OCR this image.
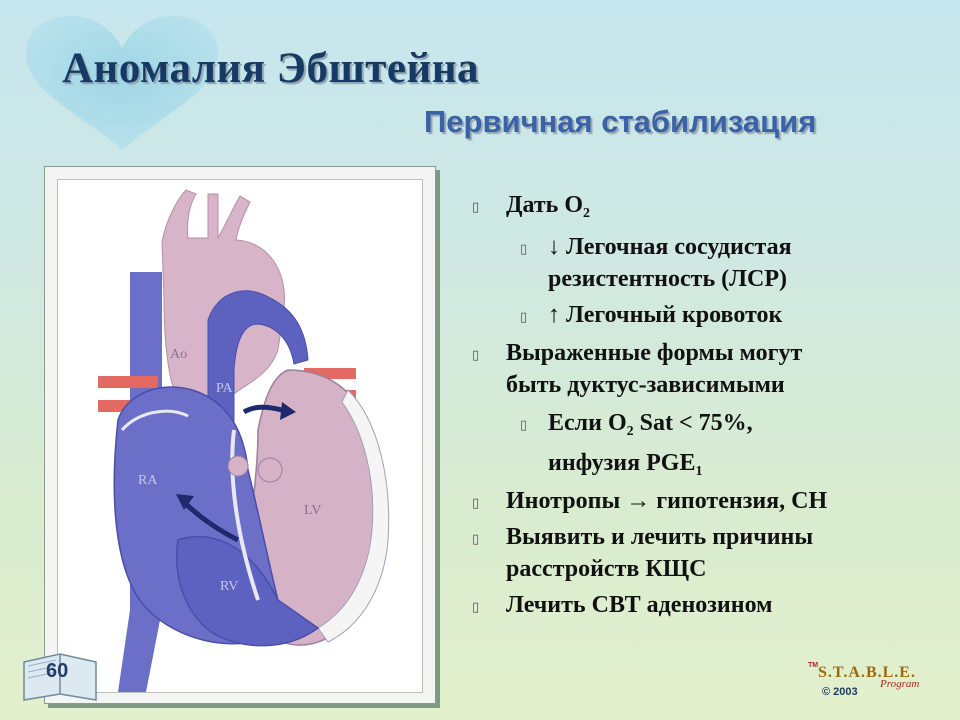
Аномалия Эбштейна
Первичная стабилизация
Ao
PA
RA
LV
RV
▯ Дать $O_2$
▯ ↓ Легочная сосудистая
резистентность (ЛСР)
▯ ↑ Легочный кровоток
▯ Выраженные формы могут
быть дуктус-зависимыми
▯ Если $O_2$ Sat < 75%,
инфузия $PGE_1$
▯ Инотропы → гипотензия, СН
▯ Выявить и лечить причины
расстройств КЩС
▯ Лечить СВТ аденозином
60	TM S.T.A.B.L.E.
Program
© 2003
